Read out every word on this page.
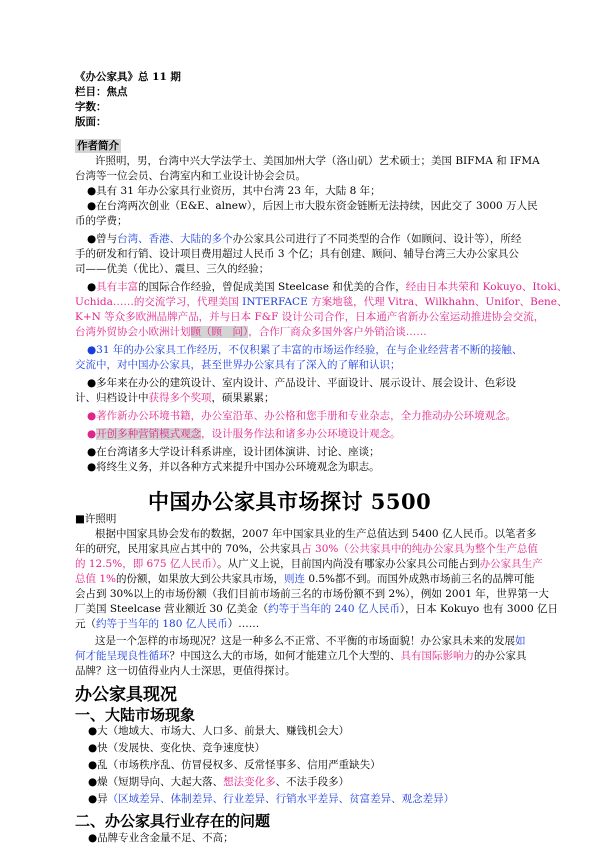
《办公家具》总 11 期
栏目：焦点
字数：
版面：
作者简介
许照明，男，台湾中兴大学法学士、美国加州大学（洛山矶）艺术硕士；美国 BIFMA 和 IFMA
台湾等一位会员、台湾室内和工业设计协会会员。
●具有 31 年办公家具行业资历，其中台湾 23 年，大陆 8 年；
●在台湾两次创业（E&E、alnew），后因上市大股东资金链断无法持续，因此交了 3000 万人民
币的学费；
●曾与台湾、香港、大陆的多个办公家具公司进行了不同类型的合作（如顾问、设计等），所经
手的研发和行销、设计项目费用超过人民币 3 个亿；具有创建、顾问、辅导台湾三大办公家具公
司——优美（优比）、震旦、三久的经验；
●具有丰富的国际合作经验，曾促成美国 Steelcase 和优美的合作，经由日本共荣和 Kokuyo、Itoki、
Uchida……的交流学习，代理美国 INTERFACE 方案地毯，代理 Vitra、Wilkhahn、Unifor、Bene、
K+N 等众多欧洲品牌产品，并与日本 F&F 设计公司合作，日本通产省新办公室运动推进协会交流，
台湾外贸协会小欧洲计划顾（顾　问），合作厂商众多国外客户外销洽谈……
●31 年的办公家具工作经历，不仅积累了丰富的市场运作经验，在与企业经营者不断的接触、
交流中，对中国办公家具，甚至世界办公家具有了深入的了解和认识；
●多年来在办公的建筑设计、室内设计、产品设计、平面设计、展示设计、展会设计、色彩设
计、归档设计中获得多个奖项，硕果累累；
●著作新办公环境书籍，办公室沿革、办公格和您手册和专业杂志，全力推动办公环境观念。
●开创多种营销模式观念，设计服务作法和诸多办公环境设计观念。
●在台湾诸多大学设计科系讲座，设计团体演讲、讨论、座谈；
●将终生义务，并以各种方式来提升中国办公环境观念为职志。
中国办公家具市场探讨 5500
■许照明
根据中国家具协会发布的数据，2007 年中国家具业的生产总值达到 5400 亿人民币。以笔者多
年的研究，民用家具应占其中的 70%，公共家具占 30%（公共家具中的纯办公家具为整个生产总值
的 12.5%，即 675 亿人民币）。从广义上说，目前国内尚没有哪家办公家具公司能占到办公家具生产
总值 1%的份额，如果放大到公共家具市场，则连 0.5%都不到。而国外成熟市场前三名的品牌可能
会占到 30%以上的市场份额（我们目前市场前三名的市场份额不到 2%），例如 2001 年，世界第一大
厂美国 Steelcase 营业额近 30 亿美金（约等于当年的 240 亿人民币），日本 Kokuyo 也有 3000 亿日
元（约等于当年的 180 亿人民币）……
这是一个怎样的市场现况？这是一种多么不正常、不平衡的市场面貌！办公家具未来的发展如
何才能呈现良性循环？中国这么大的市场，如何才能建立几个大型的、具有国际影响力的办公家具
品牌？这一切值得业内人士深思，更值得探讨。
办公家具现况
一、大陆市场现象
●大（地域大、市场大、人口多、前景大、赚钱机会大）
●快（发展快、变化快、竞争速度快）
●乱（市场秩序乱、仿冒侵权多、反常怪事多、信用严重缺失）
●燥（短期导向、大起大落、想法变化多、不法手段多）
●异（区域差异、体制差异、行业差异、行销水平差异、贫富差异、观念差异）
二、办公家具行业存在的问题
●品牌专业含金量不足、不高；
